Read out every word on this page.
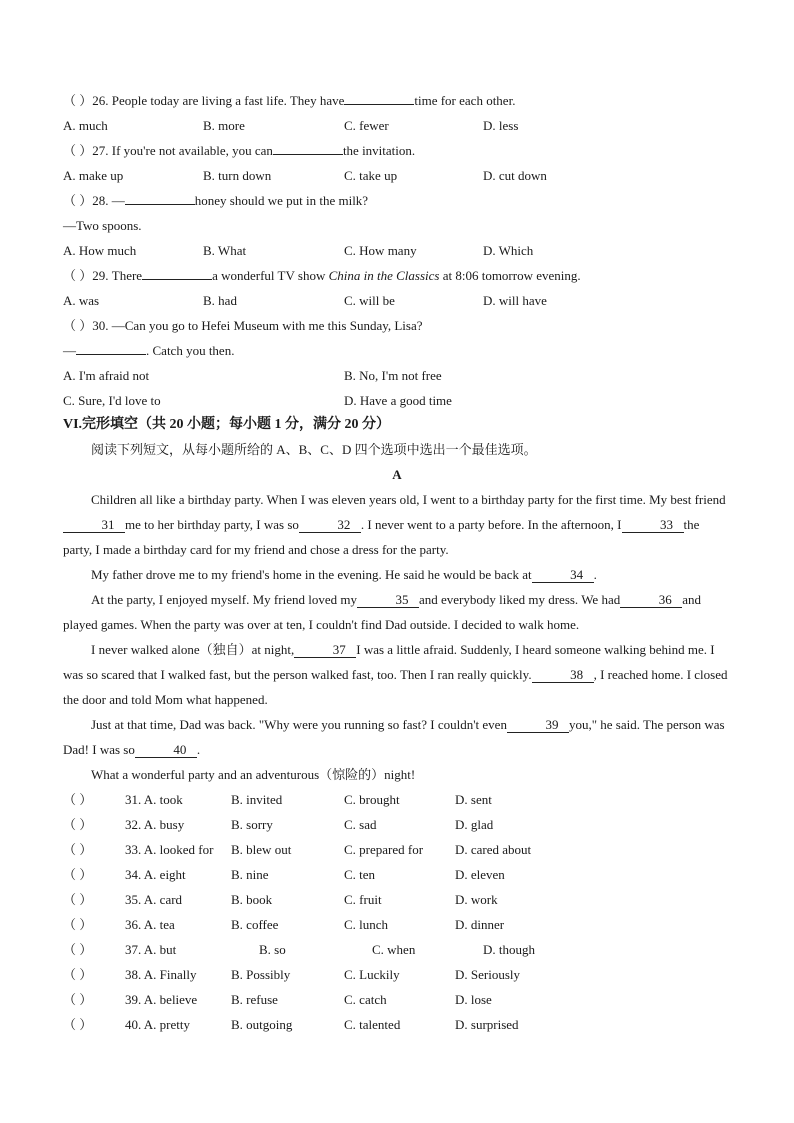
（ ）26. People today are living a fast life. They have	time for each other.
A. much	B. more	C. fewer	D. less
（ ）27. If you're not available, you can	the invitation.
A. make up	B. turn down	C. take up	D. cut down
（ ）28. —	honey should we put in the milk?
—Two spoons.
A. How much	B. What	C. How many	D. Which
（ ）29. There	a wonderful TV show China in the Classics at 8:06 tomorrow evening.
A. was	B. had	C. will be	D. will have
（ ）30. —Can you go to Hefei Museum with me this Sunday, Lisa?
—	. Catch you then.
A. I'm afraid not	B. No, I'm not free
C. Sure, I'd love to	D. Have a good time
VI.完形填空（共 20 小题；每小题 1 分，满分 20 分）
阅读下列短文，从每小题所给的 A、B、C、D 四个选项中选出一个最佳选项。
A
Children all like a birthday party. When I was eleven years old, I went to a birthday party for the first time. My best friend31 me to her birthday party, I was so	32 . I never went to a party before. In the afternoon, I	33 the party, I made a birthday card for my friend and chose a dress for the party.
My father drove me to my friend's home in the evening. He said he would be back at	34 .
At the party, I enjoyed myself. My friend loved my	35 and everybody liked my dress. We had	36 and played games. When the party was over at ten, I couldn't find Dad outside. I decided to walk home.
I never walked alone（独自）at night,	37 I was a little afraid. Suddenly, I heard someone walking behind me. I was so scared that I walked fast, but the person walked fast, too. Then I ran really quickly.	38 , I reached home. I closed the door and told Mom what happened.
Just at that time, Dad was back. "Why were you running so fast? I couldn't even	39 you," he said. The person was Dad! I was so	40 .
What a wonderful party and an adventurous（惊险的）night!
（ ）	31. A. took	B. invited	C. brought	D. sent
（ ）	32. A. busy	B. sorry	C. sad	D. glad
（ ）	33. A. looked for B. blew out	C. prepared for D. cared about
（ ）	34. A. eight	B. nine	C. ten	D. eleven
（ ）	35. A. card	B. book	C. fruit	D. work
（ ）	36. A. tea	B. coffee	C. lunch	D. dinner
（ ）	37. A. but	B. so	C. when	D. though
（ ）	38. A. Finally	B. Possibly	C. Luckily	D. Seriously
（ ）	39. A. believe	B. refuse	C. catch	D. lose
（ ）	40. A. pretty	B. outgoing	C. talented	D. surprised
